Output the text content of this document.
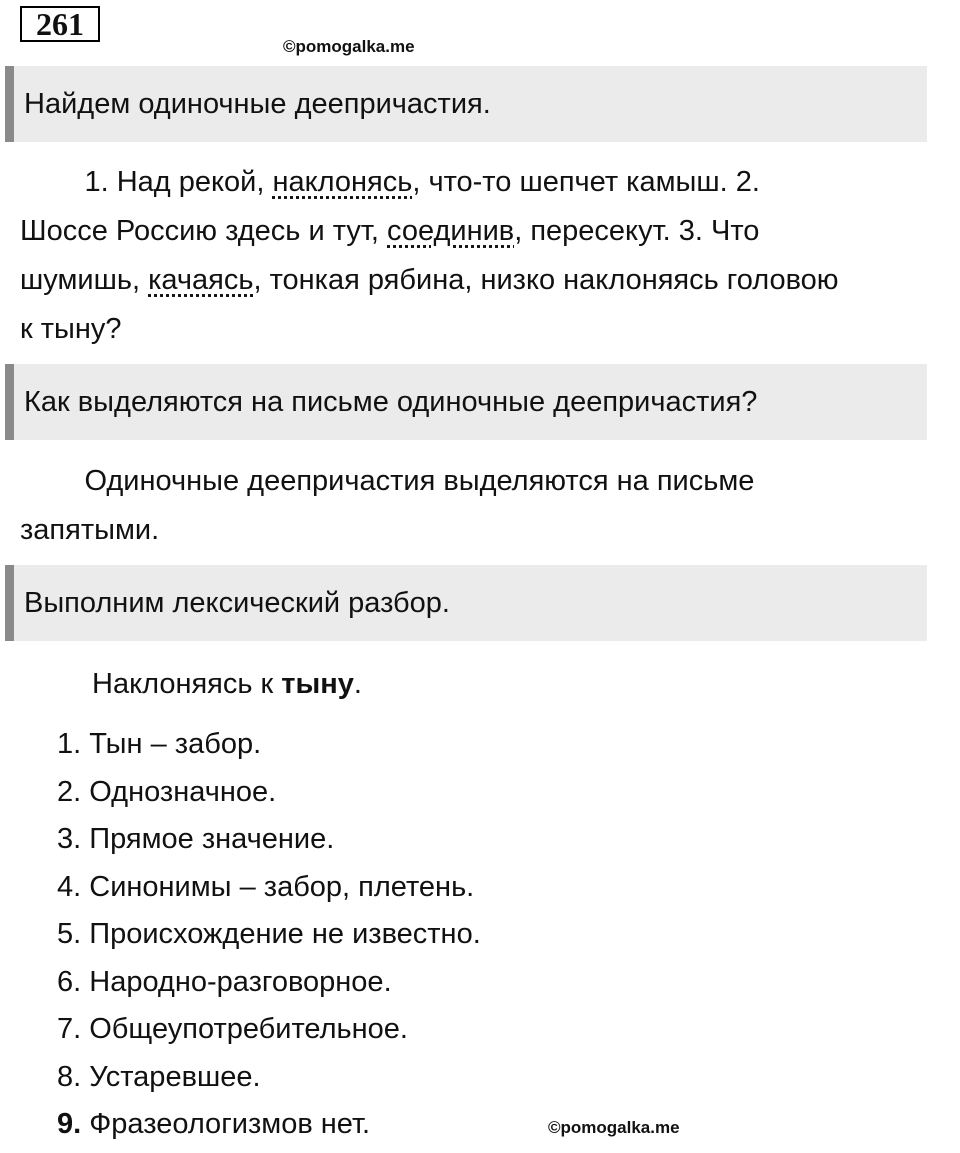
261
©pomogalka.me
Найдем одиночные деепричастия.
1. Над рекой, наклонясь, что-то шепчет камыш. 2.
Шоссе Россию здесь и тут, соединив, пересекут. 3. Что
шумишь, качаясь, тонкая рябина, низко наклоняясь головою
к тыну?
Как выделяются на письме одиночные деепричастия?
Одиночные деепричастия выделяются на письме
запятыми.
Выполним лексический разбор.
Наклоняясь к тыну.
1. Тын – забор.
2. Однозначное.
3. Прямое значение.
4. Синонимы – забор, плетень.
5. Происхождение не известно.
6. Народно-разговорное.
7. Общеупотребительное.
8. Устаревшее.
9. Фразеологизмов нет.	©pomogalka.me
